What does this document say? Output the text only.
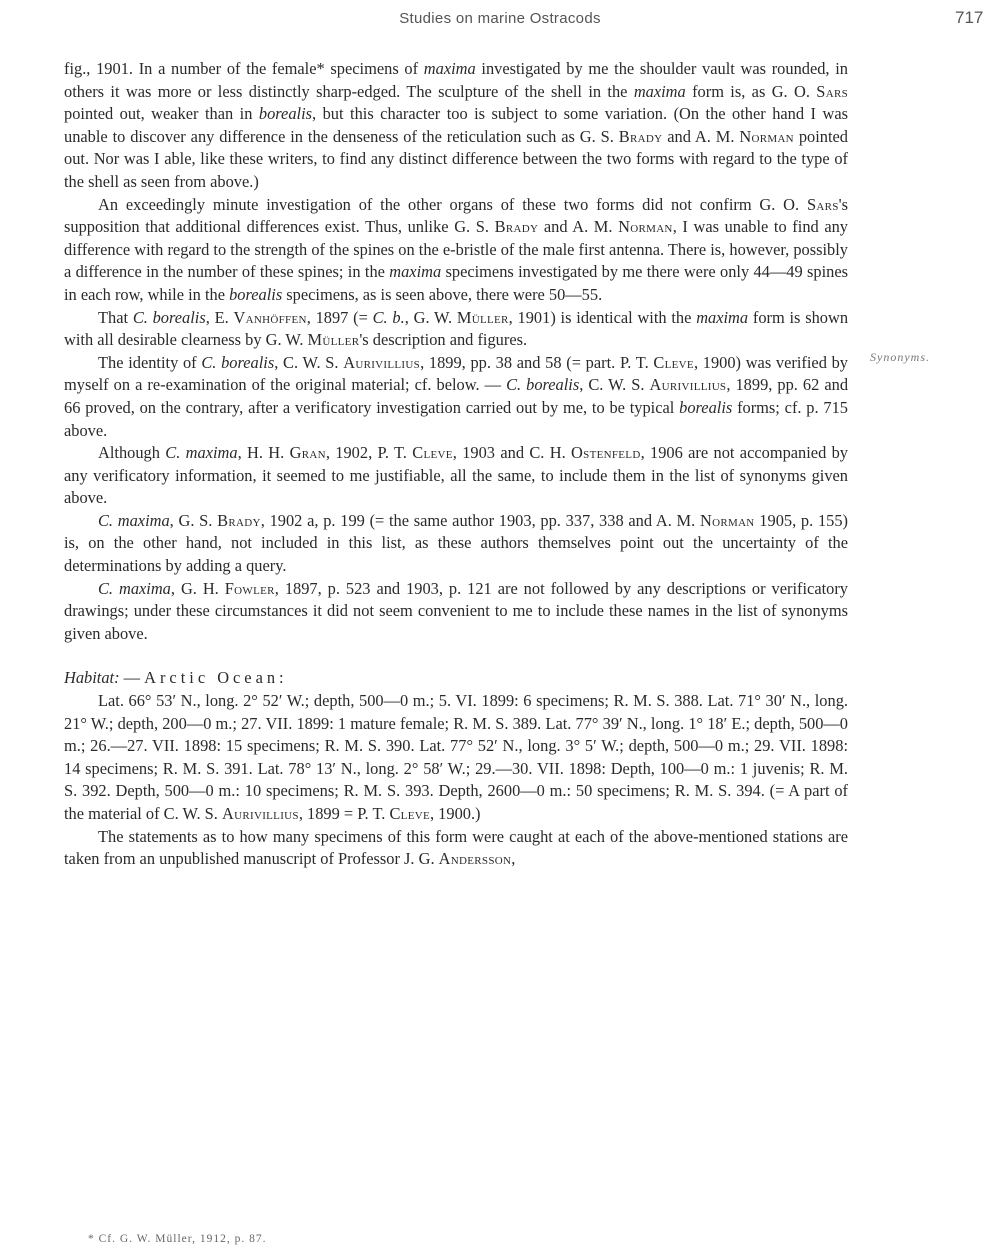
Studies on marine Ostracods	717
Synonyms.

fig., 1901. In a number of the female* specimens of maxima investigated by me the shoulder vault was rounded, in others it was more or less distinctly sharp-edged. The sculpture of the shell in the maxima form is, as G. O. Sars pointed out, weaker than in borealis, but this character too is subject to some variation. (On the other hand I was unable to discover any difference in the denseness of the reticulation such as G. S. Brady and A. M. Norman pointed out. Nor was I able, like these writers, to find any distinct difference between the two forms with regard to the type of the shell as seen from above.)

An exceedingly minute investigation of the other organs of these two forms did not confirm G. O. Sars's supposition that additional differences exist. Thus, unlike G. S. Brady and A. M. Norman, I was unable to find any difference with regard to the strength of the spines on the e-bristle of the male first antenna. There is, however, possibly a difference in the number of these spines; in the maxima specimens investigated by me there were only 44—49 spines in each row, while in the borealis specimens, as is seen above, there were 50—55.

That C. borealis, E. Vanhöffen, 1897 (= C. b., G. W. Müller, 1901) is identical with the maxima form is shown with all desirable clearness by G. W. Müller's description and figures.

The identity of C. borealis, C. W. S. Aurivillius, 1899, pp. 38 and 58 (= part. P. T. Cleve, 1900) was verified by myself on a re-examination of the original material; cf. below. — C. borealis, C. W. S. Aurivillius, 1899, pp. 62 and 66 proved, on the contrary, after a verificatory investigation carried out by me, to be typical borealis forms; cf. p. 715 above.

Although C. maxima, H. H. Gran, 1902, P. T. Cleve, 1903 and C. H. Ostenfeld, 1906 are not accompanied by any verificatory information, it seemed to me justifiable, all the same, to include them in the list of synonyms given above.

C. maxima, G. S. Brady, 1902 a, p. 199 (= the same author 1903, pp. 337, 338 and A. M. Norman 1905, p. 155) is, on the other hand, not included in this list, as these authors themselves point out the uncertainty of the determinations by adding a query.

C. maxima, G. H. Fowler, 1897, p. 523 and 1903, p. 121 are not followed by any descriptions or verificatory drawings; under these circumstances it did not seem convenient to me to include these names in the list of synonyms given above.

Habitat: — Arctic Ocean:

Lat. 66° 53′ N., long. 2° 52′ W.; depth, 500—0 m.; 5. VI. 1899: 6 specimens; R. M. S. 388. Lat. 71° 30′ N., long. 21° W.; depth, 200—0 m.; 27. VII. 1899: 1 mature female; R. M. S. 389. Lat. 77° 39′ N., long. 1° 18′ E.; depth, 500—0 m.; 26.—27. VII. 1898: 15 specimens; R. M. S. 390. Lat. 77° 52′ N., long. 3° 5′ W.; depth, 500—0 m.; 29. VII. 1898: 14 specimens; R. M. S. 391. Lat. 78° 13′ N., long. 2° 58′ W.; 29.—30. VII. 1898: Depth, 100—0 m.: 1 juvenis; R. M. S. 392. Depth, 500—0 m.: 10 specimens; R. M. S. 393. Depth, 2600—0 m.: 50 specimens; R. M. S. 394. (= A part of the material of C. W. S. Aurivillius, 1899 = P. T. Cleve, 1900.)

The statements as to how many specimens of this form were caught at each of the above-mentioned stations are taken from an unpublished manuscript of Professor J. G. Andersson,

* Cf. G. W. Müller, 1912, p. 87.
